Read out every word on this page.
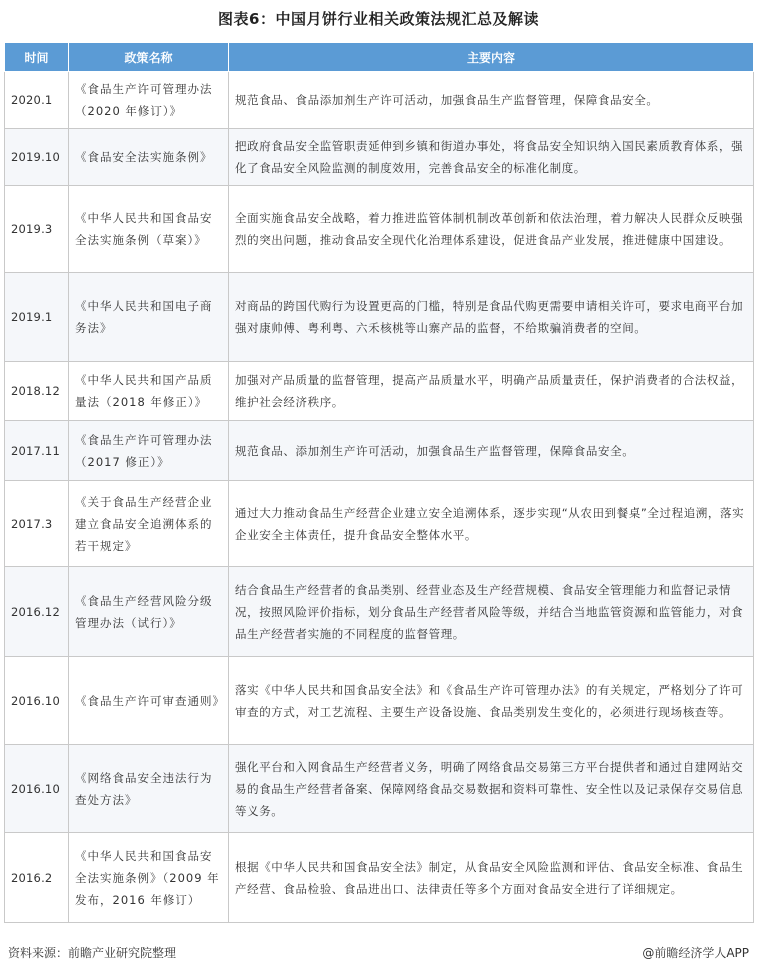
图表6：中国月饼行业相关政策法规汇总及解读
时间	政策名称	主要内容
2020.1	《食品生产许可管理办法（2020 年修订）》	规范食品、食品添加剂生产许可活动，加强食品生产监督管理，保障食品安全。
2019.10	《食品安全法实施条例》	把政府食品安全监管职责延伸到乡镇和街道办事处，将食品安全知识纳入国民素质教育体系，强化了食品安全风险监测的制度效用，完善食品安全的标准化制度。
2019.3	《中华人民共和国食品安全法实施条例（草案）》	全面实施食品安全战略，着力推进监管体制机制改革创新和依法治理，着力解决人民群众反映强烈的突出问题，推动食品安全现代化治理体系建设，促进食品产业发展，推进健康中国建设。
2019.1	《中华人民共和国电子商务法》	对商品的跨国代购行为设置更高的门槛，特别是食品代购更需要申请相关许可，要求电商平台加强对康帅傅、粤利粤、六禾核桃等山寨产品的监督，不给欺骗消费者的空间。
2018.12	《中华人民共和国产品质量法（2018 年修正）》	加强对产品质量的监督管理，提高产品质量水平，明确产品质量责任，保护消费者的合法权益，维护社会经济秩序。
2017.11	《食品生产许可管理办法（2017 修正）》	规范食品、添加剂生产许可活动，加强食品生产监督管理，保障食品安全。
2017.3	《关于食品生产经营企业建立食品安全追溯体系的若干规定》	通过大力推动食品生产经营企业建立安全追溯体系，逐步实现“从农田到餐桌”全过程追溯，落实企业安全主体责任，提升食品安全整体水平。
2016.12	《食品生产经营风险分级管理办法（试行）》	结合食品生产经营者的食品类别、经营业态及生产经营规模、食品安全管理能力和监督记录情况，按照风险评价指标，划分食品生产经营者风险等级，并结合当地监管资源和监管能力，对食品生产经营者实施的不同程度的监督管理。
2016.10	《食品生产许可审查通则》	落实《中华人民共和国食品安全法》和《食品生产许可管理办法》的有关规定，严格划分了许可审查的方式，对工艺流程、主要生产设备设施、食品类别发生变化的，必须进行现场核查等。
2016.10	《网络食品安全违法行为查处方法》	强化平台和入网食品生产经营者义务，明确了网络食品交易第三方平台提供者和通过自建网站交易的食品生产经营者备案、保障网络食品交易数据和资料可靠性、安全性以及记录保存交易信息等义务。
2016.2	《中华人民共和国食品安全法实施条例》（2009 年发布，2016 年修订）	根据《中华人民共和国食品安全法》制定，从食品安全风险监测和评估、食品安全标准、食品生产经营、食品检验、食品进出口、法律责任等多个方面对食品安全进行了详细规定。
资料来源：前瞻产业研究院整理	@前瞻经济学人APP
